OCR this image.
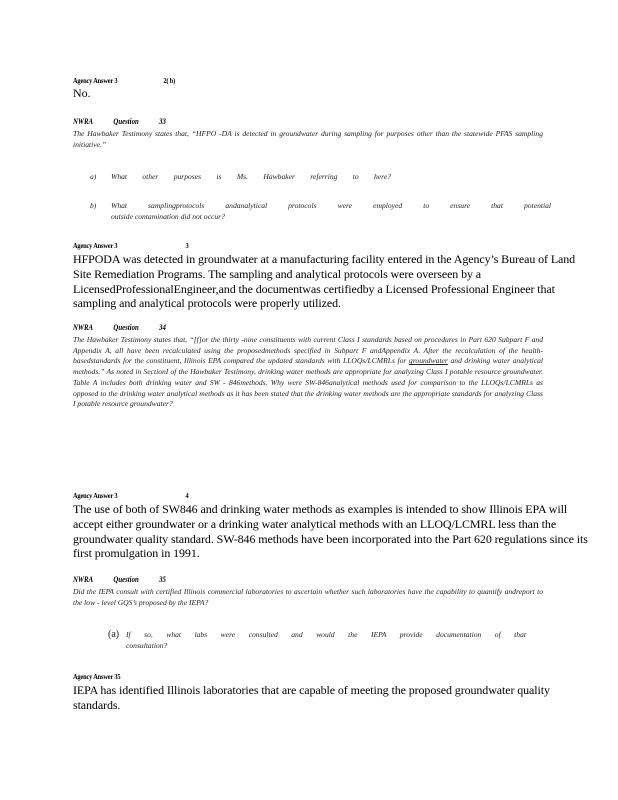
Agency Answer 3	2( b)
No.
NWRA	Question	33
The Hawbaker Testimony states that, “HFPO -DA is detected in groundwater during sampling for purposes other than the statewide PFAS sampling initiative.”
a) What other purposes is Ms. Hawbaker referring to here?
b) What samplingprotocols andanalytical protocols were employed to ensure that potential
outside contamination did not occur?
Agency Answer 3	3
HFPODA was detected in groundwater at a manufacturing facility entered in the Agency’s Bureau of Land Site Remediation Programs. The sampling and analytical protocols were overseen by a LicensedProfessionalEngineer,and the documentwas certifiedby a Licensed Professional Engineer that sampling and analytical protocols were properly utilized.
NWRA	Question	34
The Hawbaker Testimony states that, “[f]or the thirty -nine constituents with current Class I standards based on procedures in Part 620 Subpart F and Appendix A, all have been recalculated using the proposedmethods specified in Subpart F andAppendix A. After the recalculation of the health-basedstandards for the constituent, Illinois EPA compared the updated standards with LLOQs/LCMRLs for groundwater and drinking water analytical methods.” As noted in SectionI of the Hawbaker Testimony, drinking water methods are appropriate for analyzing Class I potable resource groundwater. Table A includes both drinking water and SW - 846methods. Why were SW-846analytical methods used for comparison to the LLOQs/LCMRLs as opposed to the drinking water analytical methods as it has been stated that the drinking water methods are the appropriate standards for analyzing Class I potable resource groundwater?
Agency Answer 3	4
The use of both of SW846 and drinking water methods as examples is intended to show Illinois EPA will accept either groundwater or a drinking water analytical methods with an LLOQ/LCMRL less than the groundwater quality standard. SW-846 methods have been incorporated into the Part 620 regulations since its first promulgation in 1991.
NWRA	Question	35
Did the IEPA consult with certified Illinois commercial laboratories to ascertain whether such laboratories have the capability to quantify andreport to the low - level GQS’s proposed by the IEPA?
(a) If so, what labs were consulted and would the IEPA provide documentation of that
consultation?
Agency Answer 35
IEPA has identified Illinois laboratories that are capable of meeting the proposed groundwater quality standards.
